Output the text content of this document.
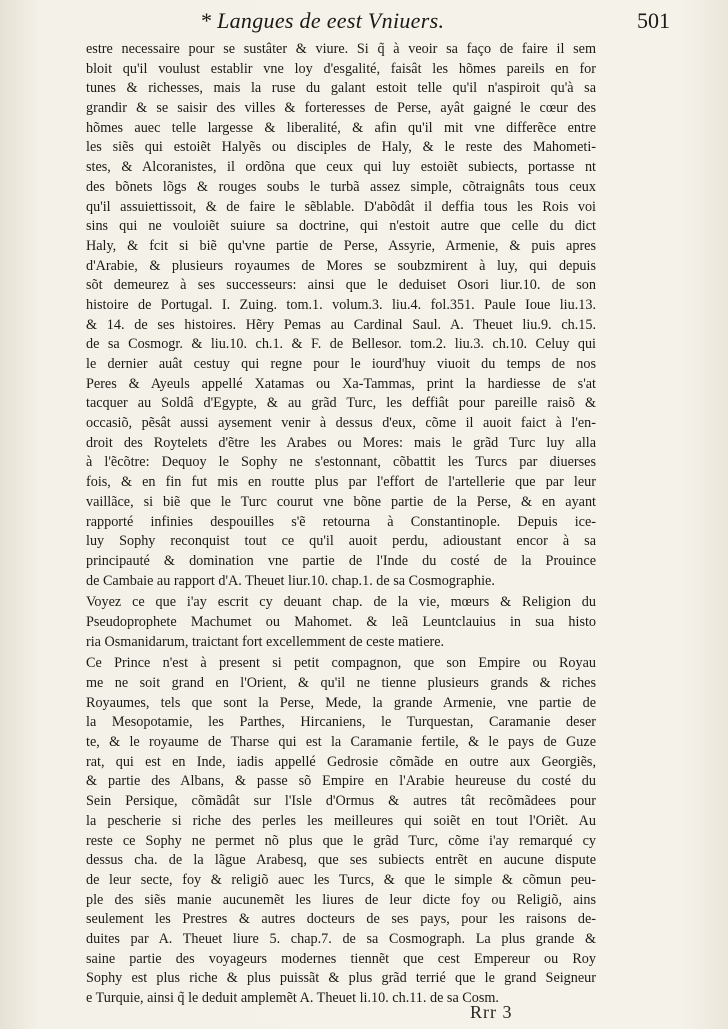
* Langues de eest Vniuers.	501
estre necessaire pour se sustâter & viure. Si q̃ à veoir sa faço de faire il sem
bloit qu'il voulust establir vne loy d'esgalité, faisât les hõmes pareils en for
tunes & richesses, mais la ruse du galant estoit telle qu'il n'aspiroit qu'à sa
grandir & se saisir des villes & forteresses de Perse, ayât gaigné le cœur des
hõmes auec telle largesse & liberalité, & afin qu'il mit vne differẽce entre
les siẽs qui estoiẽt Halyẽs ou disciples de Haly, & le reste des Mahometi-
stes, & Alcoranistes, il ordõna que ceux qui luy estoiẽt subiects, portasse nt
des bõnets lõgs & rouges soubs le turbã assez simple, cõtraignâts tous ceux
qu'il assuiettissoit, & de faire le sẽblable. D'abõdât il deffia tous les Rois voi
sins qui ne vouloiẽt suiure sa doctrine, qui n'estoit autre que celle du dict
Haly, & fcit si biẽ qu'vne partie de Perse, Assyrie, Armenie, & puis apres
d'Arabie, & plusieurs royaumes de Mores se soubzmirent à luy, qui depuis
sõt demeurez à ses successeurs: ainsi que le deduiset Osori liur.10. de son
histoire de Portugal. I. Zuing. tom.1. volum.3. liu.4. fol.351. Paule Ioue liu.13.
& 14. de ses histoires. Hẽry Pemas au Cardinal Saul. A. Theuet liu.9. ch.15.
de sa Cosmogr. & liu.10. ch.1. & F. de Bellesor. tom.2. liu.3. ch.10. Celuy qui
le dernier auât cestuy qui regne pour le iourd'huy viuoit du temps de nos
Peres & Ayeuls appellé Xatamas ou Xa-Tammas, print la hardiesse de s'at
tacquer au Soldâ d'Egypte, & au grãd Turc, les deffiât pour pareille raisõ &
occasiõ, pẽsât aussi aysement venir à dessus d'eux, cõme il auoit faict à l'en-
droit des Roytelets d'ẽtre les Arabes ou Mores: mais le grãd Turc luy alla
à l'ẽcõtre: Dequoy le Sophy ne s'estonnant, cõbattit les Turcs par diuerses
fois, & en fin fut mis en routte plus par l'effort de l'artellerie que par leur
vaillãce, si biẽ que le Turc courut vne bõne partie de la Perse, & en ayant
rapporté infinies despouilles s'ẽ retourna à Constantinople. Depuis ice-
luy Sophy reconquist tout ce qu'il auoit perdu, adioustant encor à sa
principauté & domination vne partie de l'Inde du costé de la Prouince
de Cambaie au rapport d'A. Theuet liur.10. chap.1. de sa Cosmographie.
Voyez ce que i'ay escrit cy deuant chap. de la vie, mœurs & Religion du
Pseudoprophete Machumet ou Mahomet. & leã Leuntclauius in sua histo
ria Osmanidarum, traictant fort excellemment de ceste matiere.
Ce Prince n'est à present si petit compagnon, que son Empire ou Royau
me ne soit grand en l'Orient, & qu'il ne tienne plusieurs grands & riches
Royaumes, tels que sont la Perse, Mede, la grande Armenie, vne partie de
la Mesopotamie, les Parthes, Hircaniens, le Turquestan, Caramanie deser
te, & le royaume de Tharse qui est la Caramanie fertile, & le pays de Guze
rat, qui est en Inde, iadis appellé Gedrosie cõmãde en outre aux Georgiẽs,
& partie des Albans, & passe sõ Empire en l'Arabie heureuse du costé du
Sein Persique, cõmãdât sur l'Isle d'Ormus & autres tât recõmãdees pour
la pescherie si riche des perles les meilleures qui soiẽt en tout l'Oriẽt. Au
reste ce Sophy ne permet nõ plus que le grãd Turc, cõme i'ay remarqué cy
dessus cha. de la lãgue Arabesq, que ses subiects entrẽt en aucune dispute
de leur secte, foy & religiõ auec les Turcs, & que le simple & cõmun peu-
ple des siẽs manie aucunemẽt les liures de leur dicte foy ou Religiõ, ains
seulement les Prestres & autres docteurs de ses pays, pour les raisons de-
duites par A. Theuet liure 5. chap.7. de sa Cosmograph. La plus grande &
saine partie des voyageurs modernes tiennẽt que cest Empereur ou Roy
Sophy est plus riche & plus puissãt & plus grãd terrié que le grand Seigneur
e Turquie, ainsi q̃ le deduit amplemẽt A. Theuet li.10. ch.11. de sa Cosm.
Rrr 3
